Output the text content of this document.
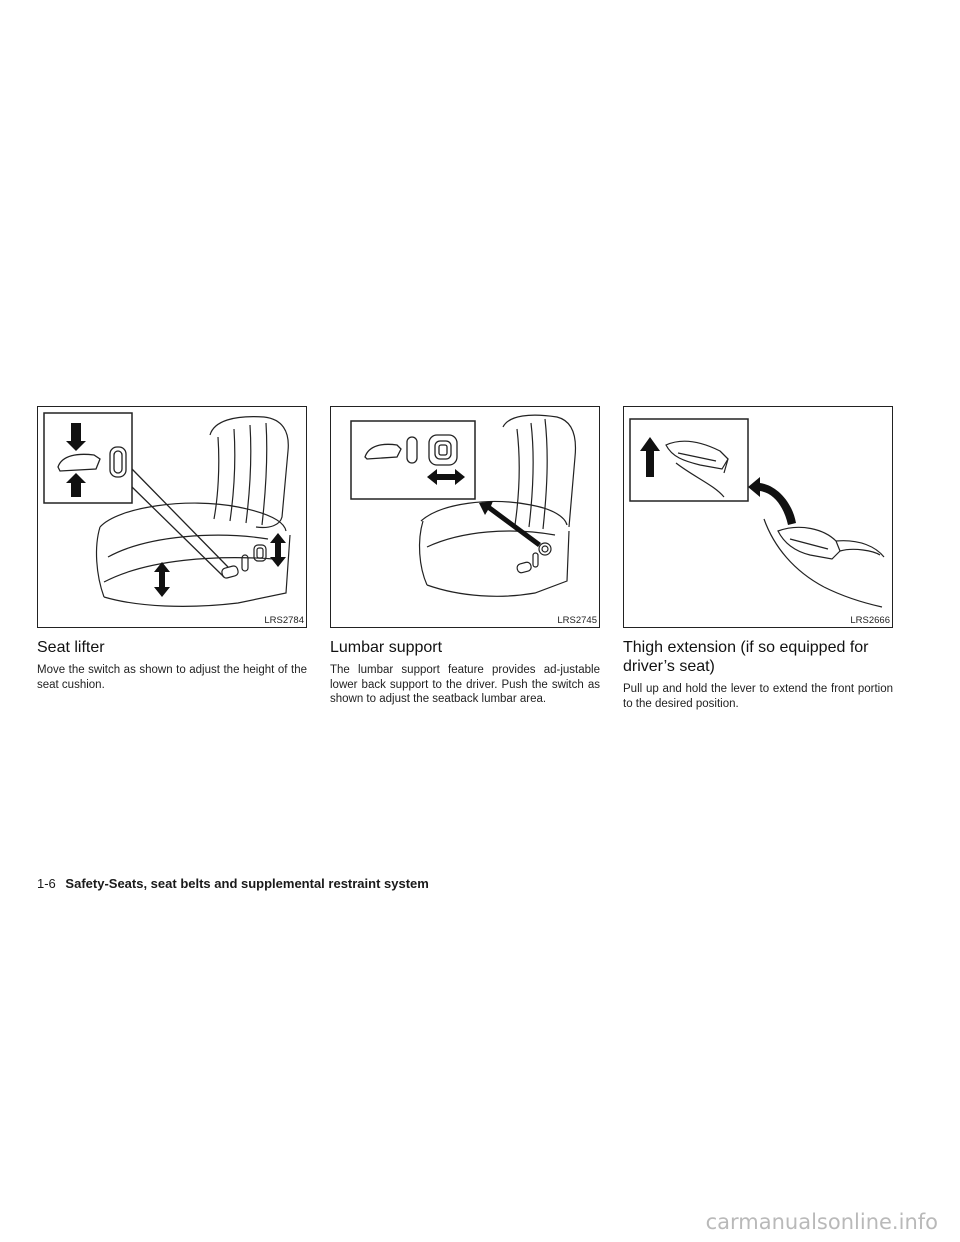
LRS2784
Seat lifter

Move the switch as shown to adjust the height of the seat cushion.

LRS2745
Lumbar support

The lumbar support feature provides ad-justable lower back support to the driver. Push the switch as shown to adjust the seatback lumbar area.

LRS2666
Thigh extension (if so equipped for driver’s seat)

Pull up and hold the lever to extend the front portion to the desired position.

1-6 Safety-Seats, seat belts and supplemental restraint system
carmanualsonline.info
